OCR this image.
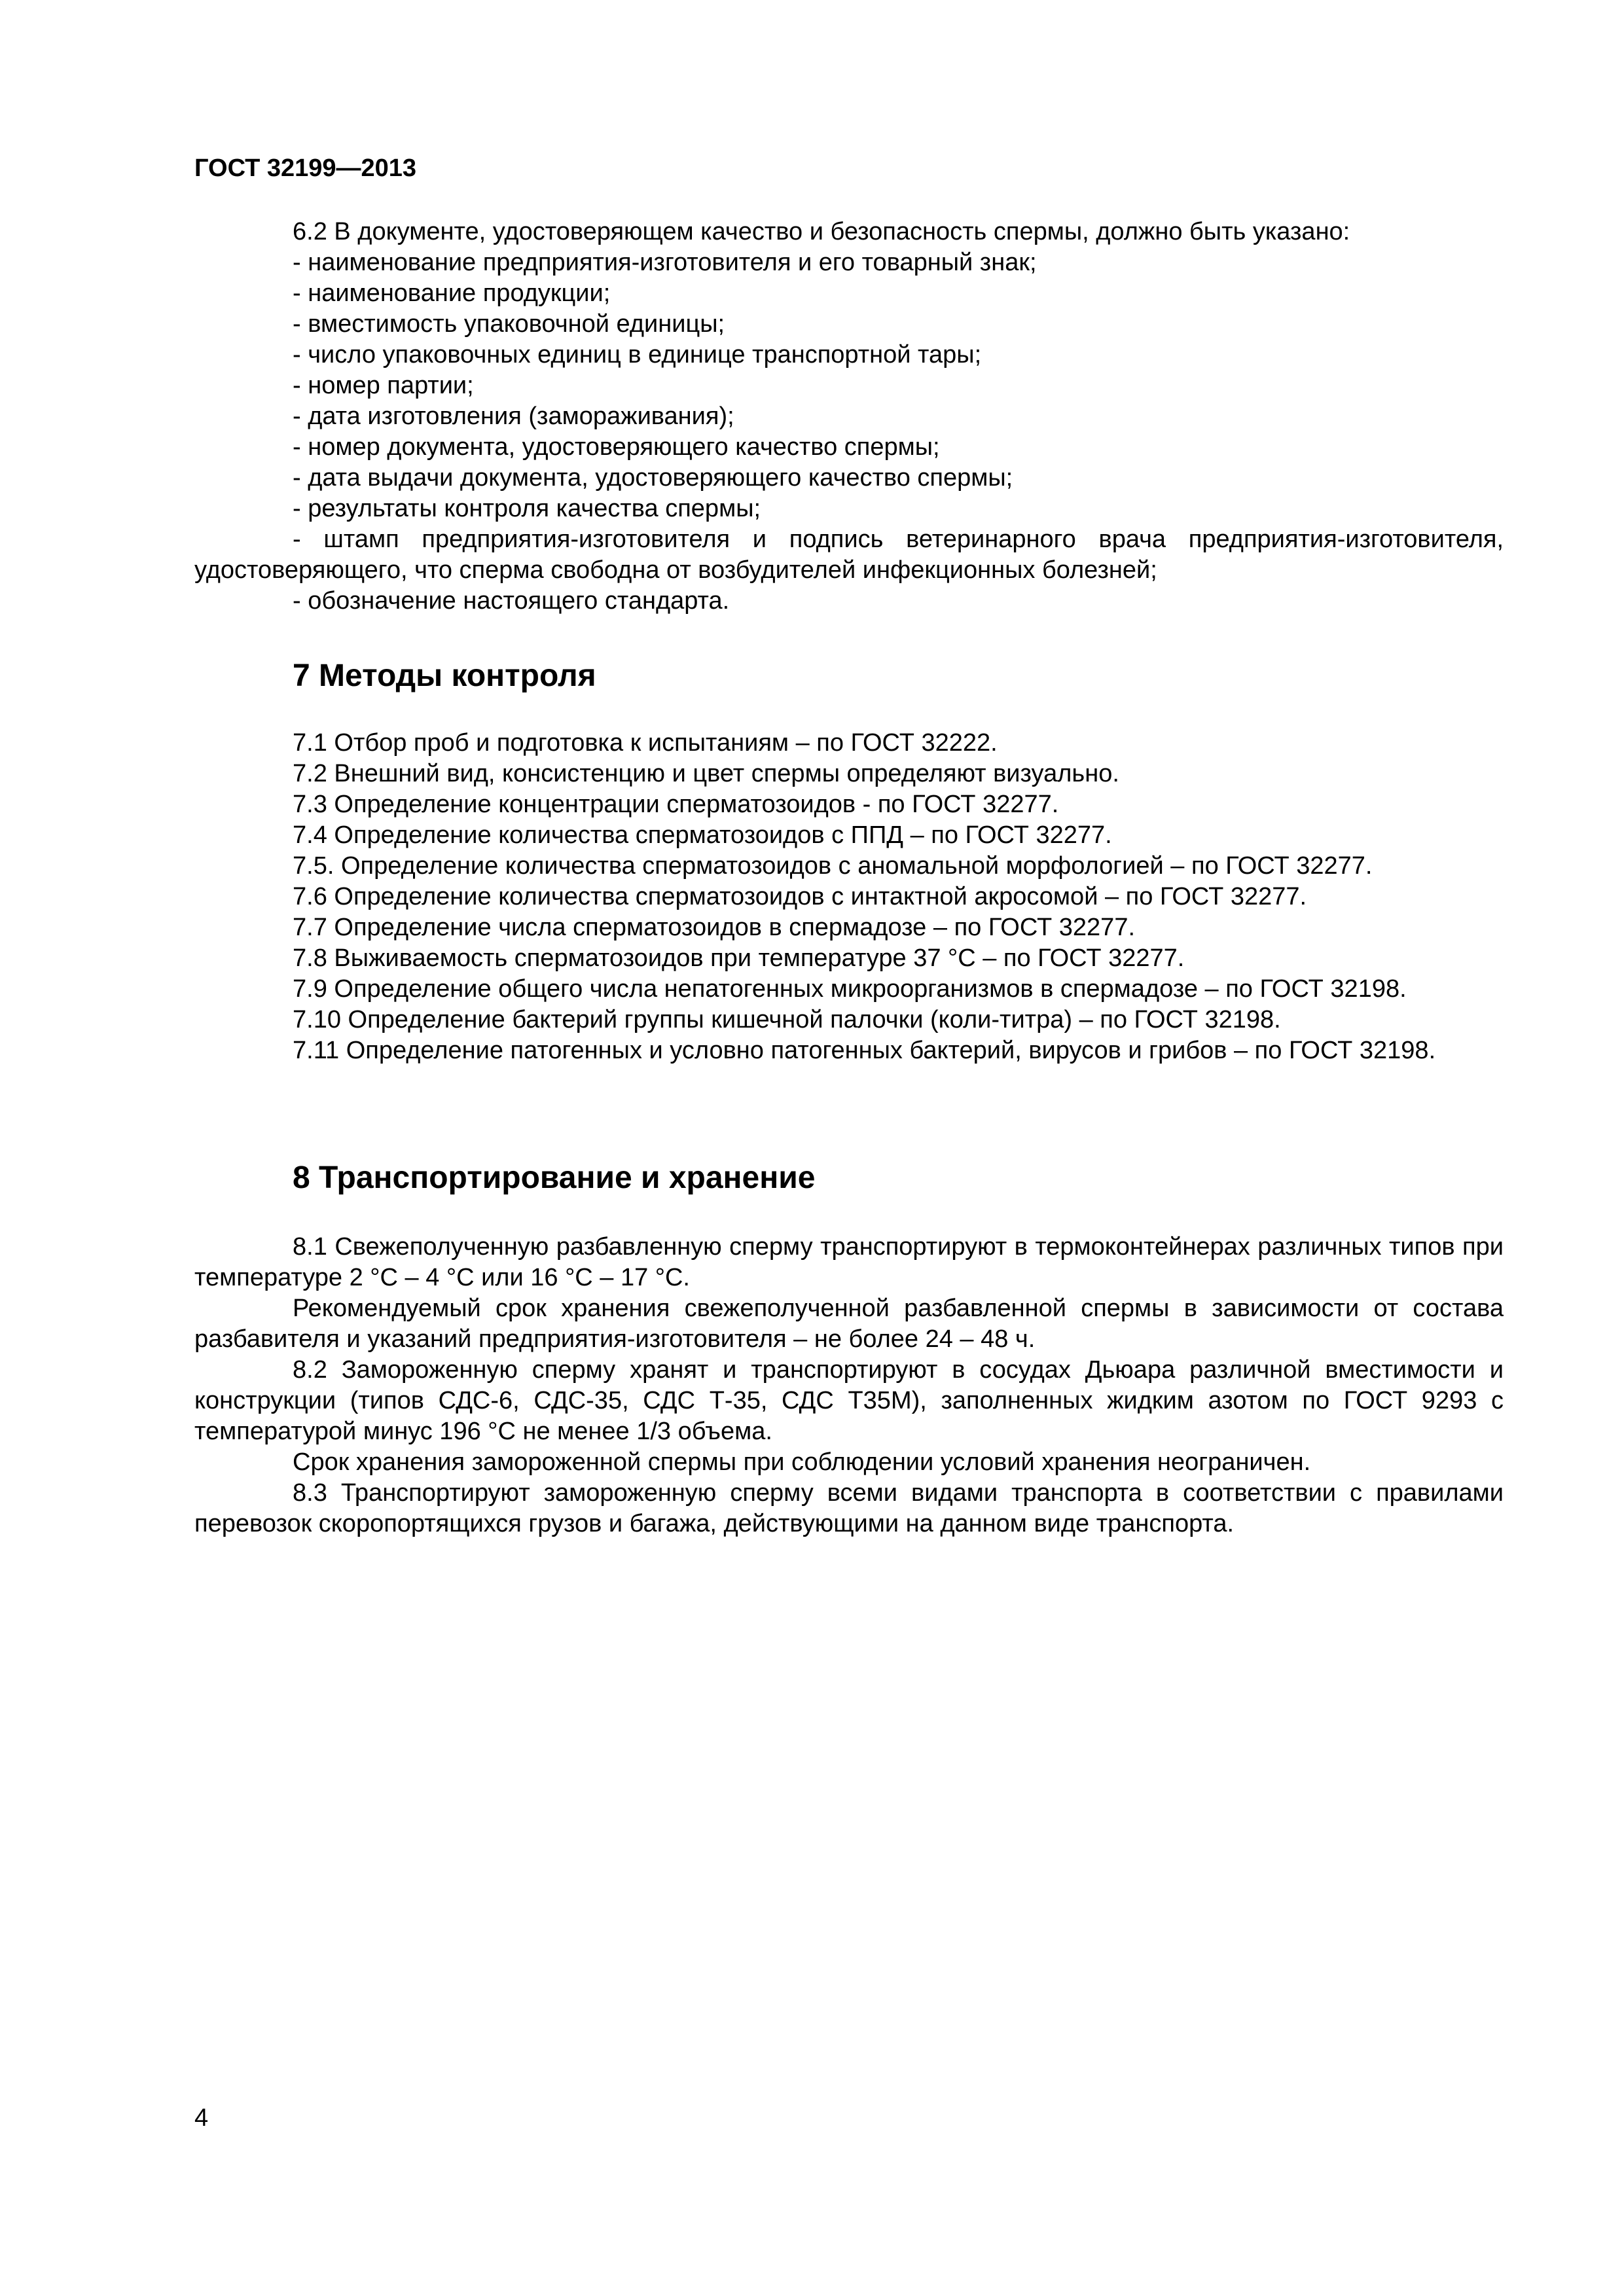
ГОСТ 32199—2013

6.2 В документе, удостоверяющем качество и безопасность спермы, должно быть указано:

- наименование предприятия-изготовителя и его товарный знак;

- наименование продукции;

- вместимость упаковочной единицы;

- число упаковочных единиц в единице транспортной тары;

- номер партии;

- дата изготовления (замораживания);

- номер документа, удостоверяющего качество спермы;

- дата выдачи документа, удостоверяющего качество спермы;

- результаты контроля качества спермы;

- штамп предприятия-изготовителя и подпись ветеринарного врача предприятия-изготовителя, удостоверяющего, что сперма свободна от возбудителей инфекционных болезней;

- обозначение настоящего стандарта.

7 Методы контроля

7.1 Отбор проб и подготовка к испытаниям – по ГОСТ 32222.

7.2 Внешний вид, консистенцию и цвет спермы определяют визуально.

7.3 Определение концентрации сперматозоидов - по ГОСТ 32277.

7.4 Определение количества сперматозоидов с ППД – по ГОСТ 32277.

7.5. Определение количества сперматозоидов с аномальной морфологией – по ГОСТ 32277.

7.6 Определение количества сперматозоидов с интактной акросомой – по ГОСТ 32277.

7.7 Определение числа сперматозоидов в спермадозе – по ГОСТ 32277.

7.8 Выживаемость сперматозоидов при температуре 37 °С – по ГОСТ 32277.

7.9 Определение общего числа непатогенных микроорганизмов в спермадозе – по ГОСТ 32198.

7.10 Определение бактерий группы кишечной палочки (коли-титра) – по ГОСТ 32198.

7.11 Определение патогенных и условно патогенных бактерий, вирусов и грибов – по ГОСТ 32198.

8 Транспортирование и хранение

8.1 Свежеполученную разбавленную сперму транспортируют в термоконтейнерах различных типов при температуре 2 °С – 4 °С или 16 °С – 17 °С.

Рекомендуемый срок хранения свежеполученной разбавленной спермы в зависимости от состава разбавителя и указаний предприятия-изготовителя – не более 24 – 48 ч.

8.2 Замороженную сперму хранят и транспортируют в сосудах Дьюара различной вместимости и конструкции (типов СДС-6, СДС-35, СДС Т-35, СДС Т35М), заполненных жидким азотом по ГОСТ 9293 с температурой минус 196 °С не менее 1/3 объема.

Срок хранения замороженной спермы при соблюдении условий хранения неограничен.

8.3 Транспортируют замороженную сперму всеми видами транспорта в соответствии с правилами перевозок скоропортящихся грузов и багажа, действующими на данном виде транспорта.

4
